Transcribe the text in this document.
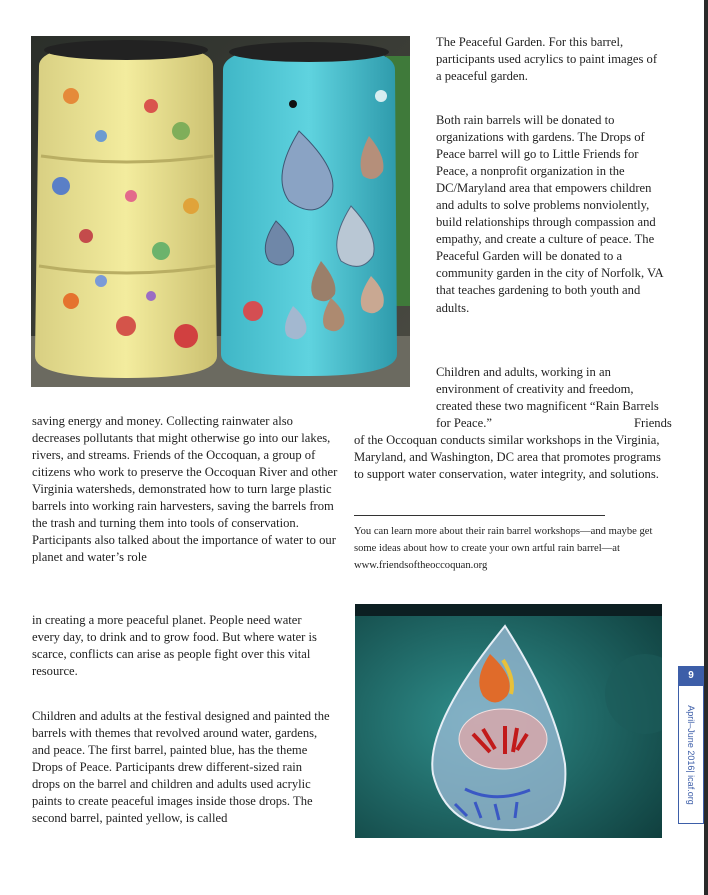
The Peaceful Garden. For this barrel, participants used acrylics to paint images of a peaceful garden.

Both rain barrels will be donated to organizations with gardens. The Drops of Peace barrel will go to Little Friends for Peace, a nonprofit organization in the DC/Maryland area that empowers children and adults to solve problems nonviolently, build relationships through compassion and empathy, and create a culture of peace. The Peaceful Garden will be donated to a community garden in the city of Norfolk, VA that teaches gardening to both youth and adults.

Children and adults, working in an environment of creativity and freedom, created these two magnificent “Rain Barrels for Peace.”	Friends of the Occoquan conducts similar workshops in the Virginia, Maryland, and Washington, DC area that promotes programs to support water conservation, water integrity, and solutions.

You can learn more about their rain barrel workshops—and maybe get some ideas about how to create your own artful rain barrel—at www.friendsoftheoccoquan.org

saving energy and money. Collecting rainwater also decreases pollutants that might otherwise go into our lakes, rivers, and streams. Friends of the Occoquan, a group of citizens who work to preserve the Occoquan River and other Virginia watersheds, demonstrated how to turn large plastic barrels into working rain harvesters, saving the barrels from the trash and turning them into tools of conservation. Participants also talked about the importance of water to our planet and water’s role

in creating a more peaceful planet. People need water every day, to drink and to grow food. But where water is scarce, conflicts can arise as people fight over this vital resource.

Children and adults at the festival designed and painted the barrels with themes that revolved around water, gardens, and peace. The first barrel, painted blue, has the theme Drops of Peace. Participants drew different-sized rain drops on the barrel and children and adults used acrylic paints to create peaceful images inside those drops. The second barrel, painted yellow, is called

9
April–June 2016| icaf.org
